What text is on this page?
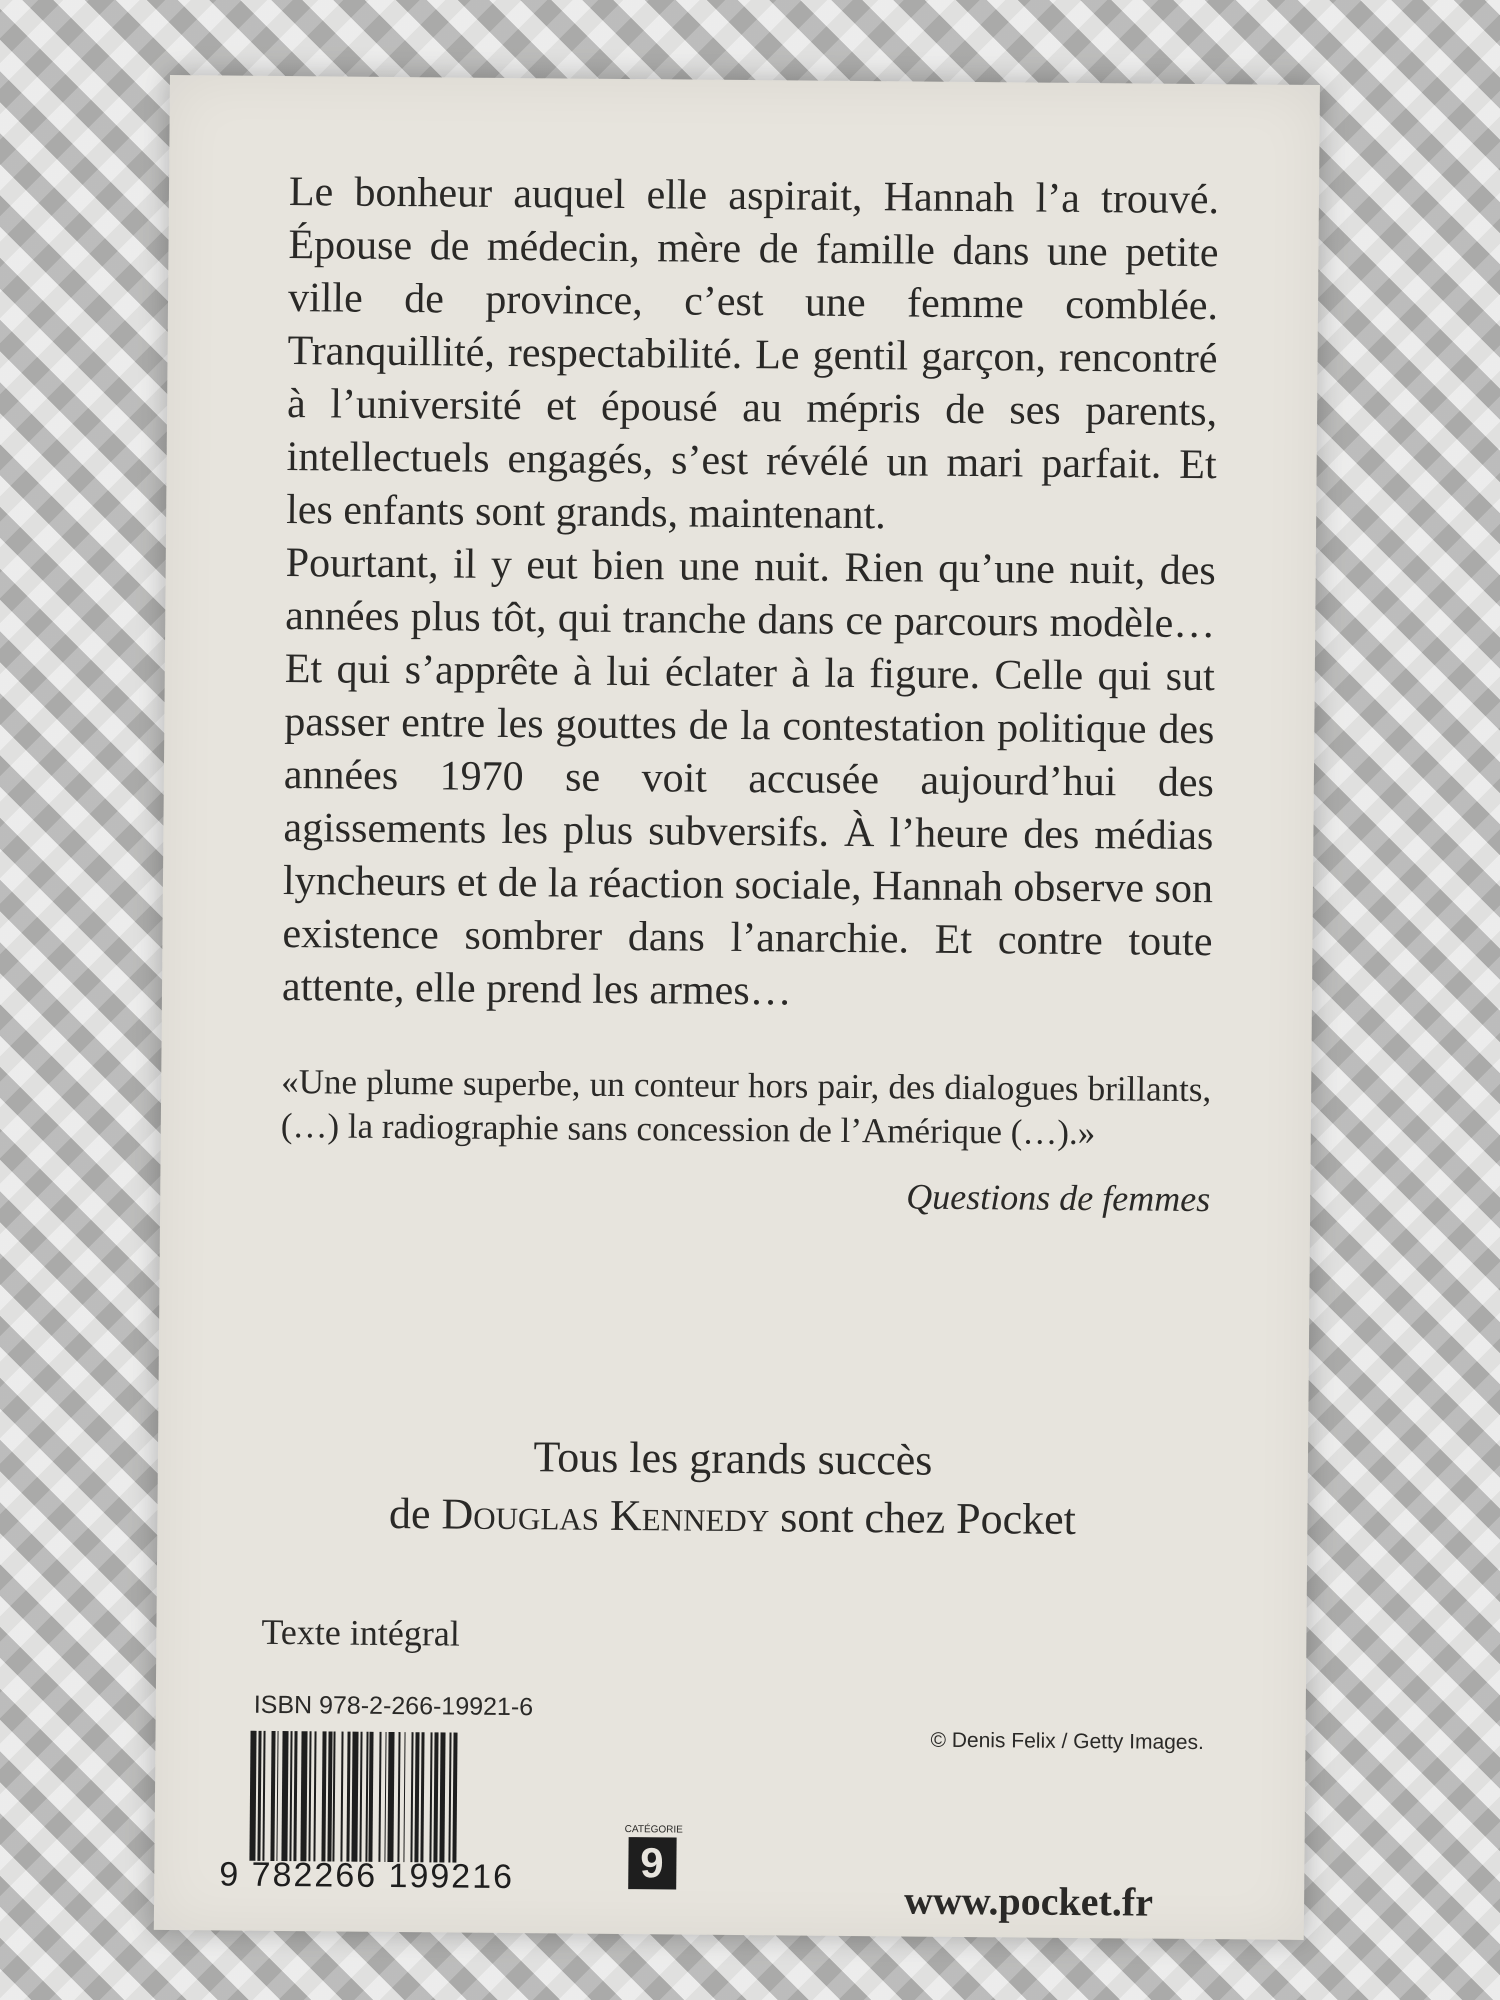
Le bonheur auquel elle aspirait, Hannah l’a trouvé. Épouse de médecin, mère de famille dans une petite ville de province, c’est une femme comblée. Tranquillité, respectabilité. Le gentil garçon, rencontré à l’université et épousé au mépris de ses parents, intellectuels engagés, s’est révélé un mari parfait. Et les enfants sont grands, maintenant.

Pourtant, il y eut bien une nuit. Rien qu’une nuit, des années plus tôt, qui tranche dans ce parcours modèle… Et qui s’apprête à lui éclater à la figure. Celle qui sut passer entre les gouttes de la contestation politique des années 1970 se voit accusée aujourd’hui des agissements les plus subversifs. À l’heure des médias lyncheurs et de la réaction sociale, Hannah observe son existence sombrer dans l’anarchie. Et contre toute attente, elle prend les armes…

«Une plume superbe, un conteur hors pair, des dialogues brillants, (…) la radiographie sans concession de l’Amérique (…).»
Questions de femmes
Tous les grands succès
de Douglas Kennedy sont chez Pocket
Texte intégral
ISBN 978-2-266-19921-6
9 782266 199216
CATÉGORIE
9
© Denis Felix / Getty Images.
www.pocket.fr
